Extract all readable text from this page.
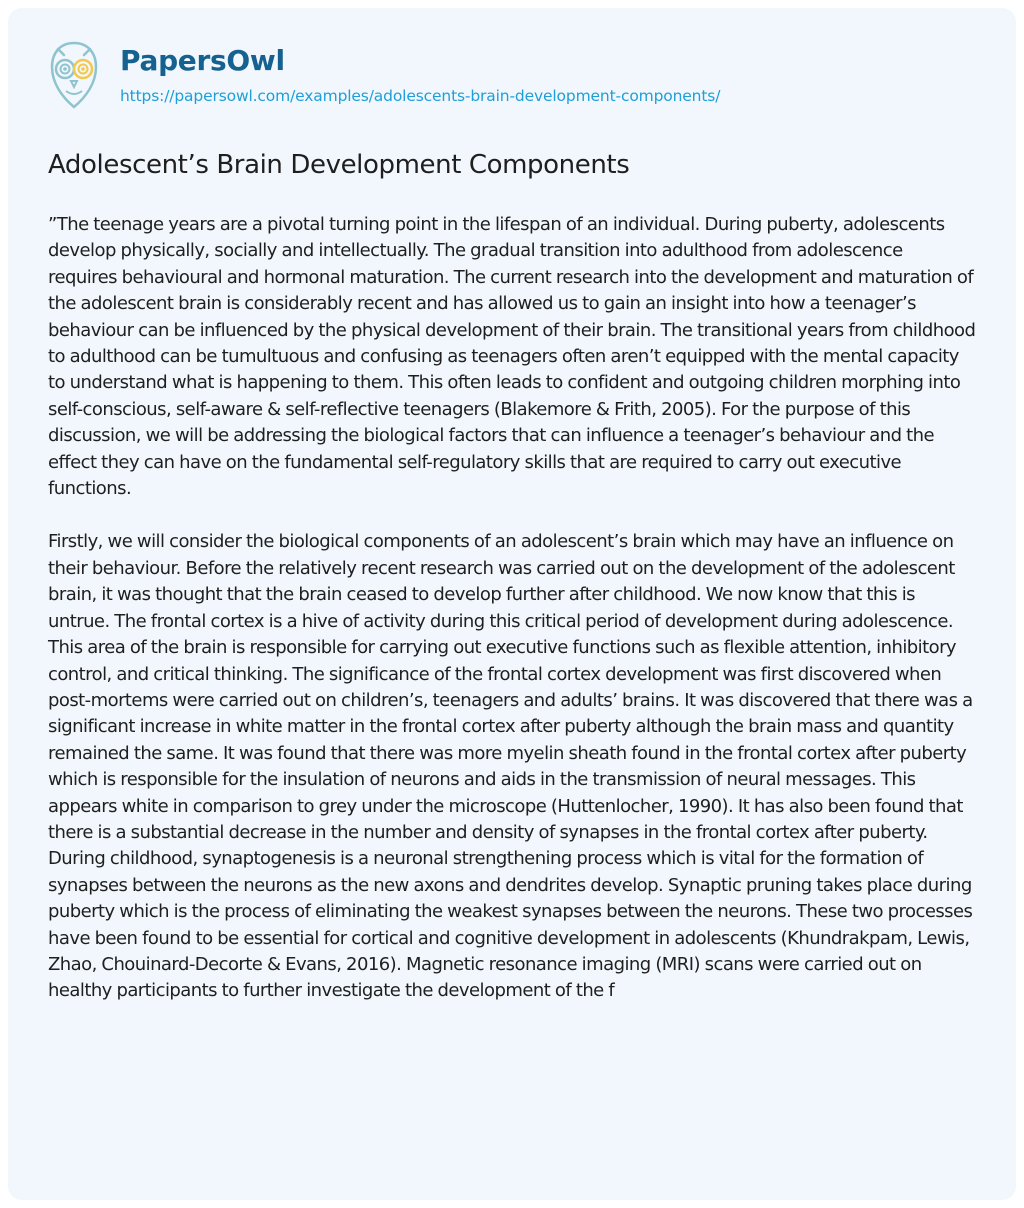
PapersOwl
https://papersowl.com/examples/adolescents-brain-development-components/
Adolescent’s Brain Development Components

”The teenage years are a pivotal turning point in the lifespan of an individual. During puberty, adolescents develop physically, socially and intellectually. The gradual transition into adulthood from adolescence requires behavioural and hormonal maturation. The current research into the development and maturation of the adolescent brain is considerably recent and has allowed us to gain an insight into how a teenager’s behaviour can be influenced by the physical development of their brain. The transitional years from childhood to adulthood can be tumultuous and confusing as teenagers often aren’t equipped with the mental capacity to understand what is happening to them. This often leads to confident and outgoing children morphing into self-conscious, self-aware & self-reflective teenagers (Blakemore & Frith, 2005). For the purpose of this discussion, we will be addressing the biological factors that can influence a teenager’s behaviour and the effect they can have on the fundamental self-regulatory skills that are required to carry out executive functions.

Firstly, we will consider the biological components of an adolescent’s brain which may have an influence on their behaviour. Before the relatively recent research was carried out on the development of the adolescent brain, it was thought that the brain ceased to develop further after childhood. We now know that this is untrue. The frontal cortex is a hive of activity during this critical period of development during adolescence. This area of the brain is responsible for carrying out executive functions such as flexible attention, inhibitory control, and critical thinking. The significance of the frontal cortex development was first discovered when post-mortems were carried out on children’s, teenagers and adults’ brains. It was discovered that there was a significant increase in white matter in the frontal cortex after puberty although the brain mass and quantity remained the same. It was found that there was more myelin sheath found in the frontal cortex after puberty which is responsible for the insulation of neurons and aids in the transmission of neural messages. This appears white in comparison to grey under the microscope (Huttenlocher, 1990). It has also been found that there is a substantial decrease in the number and density of synapses in the frontal cortex after puberty. During childhood, synaptogenesis is a neuronal strengthening process which is vital for the formation of synapses between the neurons as the new axons and dendrites develop. Synaptic pruning takes place during puberty which is the process of eliminating the weakest synapses between the neurons. These two processes have been found to be essential for cortical and cognitive development in adolescents (Khundrakpam, Lewis, Zhao, Chouinard-Decorte & Evans, 2016). Magnetic resonance imaging (MRI) scans were carried out on healthy participants to further investigate the development of the f
